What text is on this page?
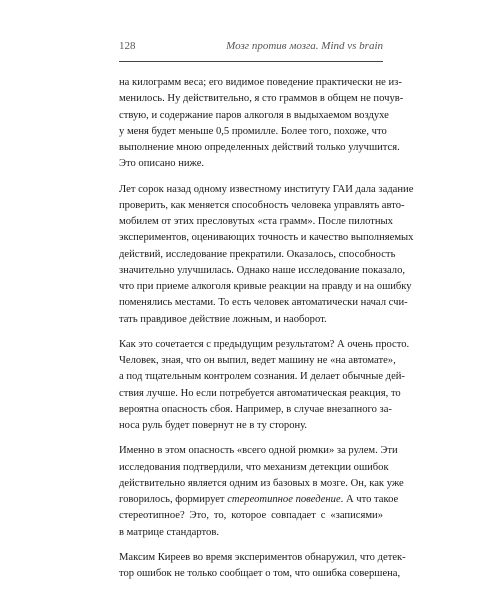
128	Мозг против мозга. Mind vs brain
на килограмм веса; его видимое поведение практически не из-
менилось. Ну действительно, я сто граммов в общем не почув-
ствую, и содержание паров алкоголя в выдыхаемом воздухе
у меня будет меньше 0,5 промилле. Более того, похоже, что
выполнение мною определенных действий только улучшится.
Это описано ниже.
Лет сорок назад одному известному институту ГАИ дала задание
проверить, как меняется способность человека управлять авто-
мобилем от этих пресловутых «ста грамм». После пилотных
экспериментов, оценивающих точность и качество выполняемых
действий, исследование прекратили. Оказалось, способность
значительно улучшилась. Однако наше исследование показало,
что при приеме алкоголя кривые реакции на правду и на ошибку
поменялись местами. То есть человек автоматически начал счи-
тать правдивое действие ложным, и наоборот.
Как это сочетается с предыдущим результатом? А очень просто.
Человек, зная, что он выпил, ведет машину не «на автомате»,
а под тщательным контролем сознания. И делает обычные дей-
ствия лучше. Но если потребуется автоматическая реакция, то
вероятна опасность сбоя. Например, в случае внезапного за-
носа руль будет повернут не в ту сторону.
Именно в этом опасность «всего одной рюмки» за рулем. Эти
исследования подтвердили, что механизм детекции ошибок
действительно является одним из базовых в мозге. Он, как уже
говорилось, формирует стереотипное поведение. А что такое
стереотипное? Это, то, которое совпадает с «записями»
в матрице стандартов.
Максим Киреев во время экспериментов обнаружил, что детек-
тор ошибок не только сообщает о том, что ошибка совершена,
